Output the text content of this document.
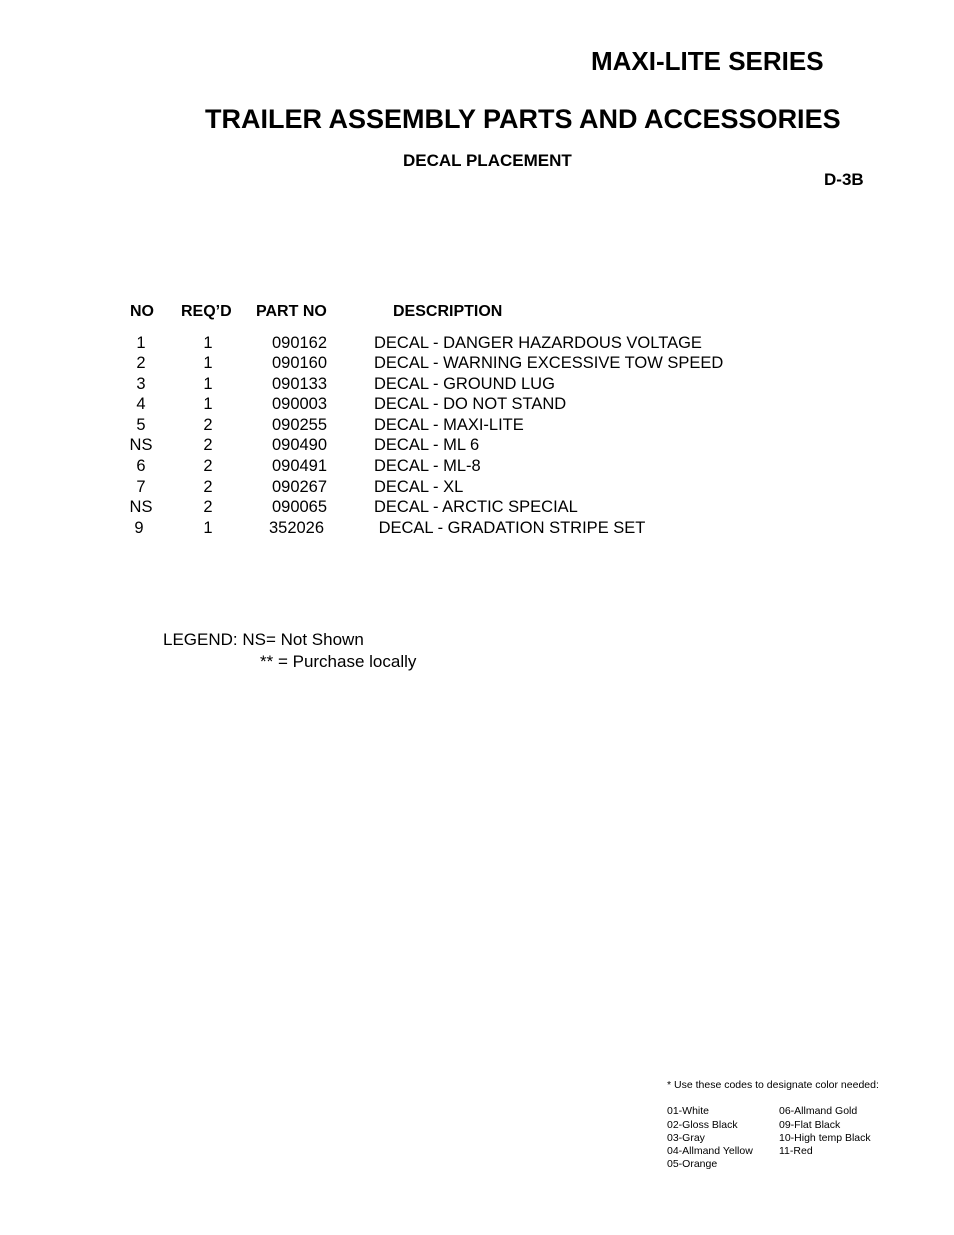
MAXI-LITE SERIES
TRAILER ASSEMBLY PARTS AND ACCESSORIES
DECAL PLACEMENT
D-3B
NO REQ’D PART NO	DESCRIPTION
1	1	090162	DECAL - DANGER HAZARDOUS VOLTAGE
2	1	090160	DECAL - WARNING EXCESSIVE TOW SPEED
3	1	090133	DECAL - GROUND LUG
4	1	090003	DECAL - DO NOT STAND
5	2	090255	DECAL - MAXI-LITE
NS	2	090490	DECAL - ML 6
6	2	090491	DECAL - ML-8
7	2	090267	DECAL - XL
NS	2	090065	DECAL - ARCTIC SPECIAL
9	1	352026	DECAL - GRADATION STRIPE SET
LEGEND: NS= Not Shown
** = Purchase locally
* Use these codes to designate color needed:
01-White
02-Gloss Black
03-Gray
04-Allmand Yellow
05-Orange
06-Allmand Gold
09-Flat Black
10-High temp Black
11-Red
